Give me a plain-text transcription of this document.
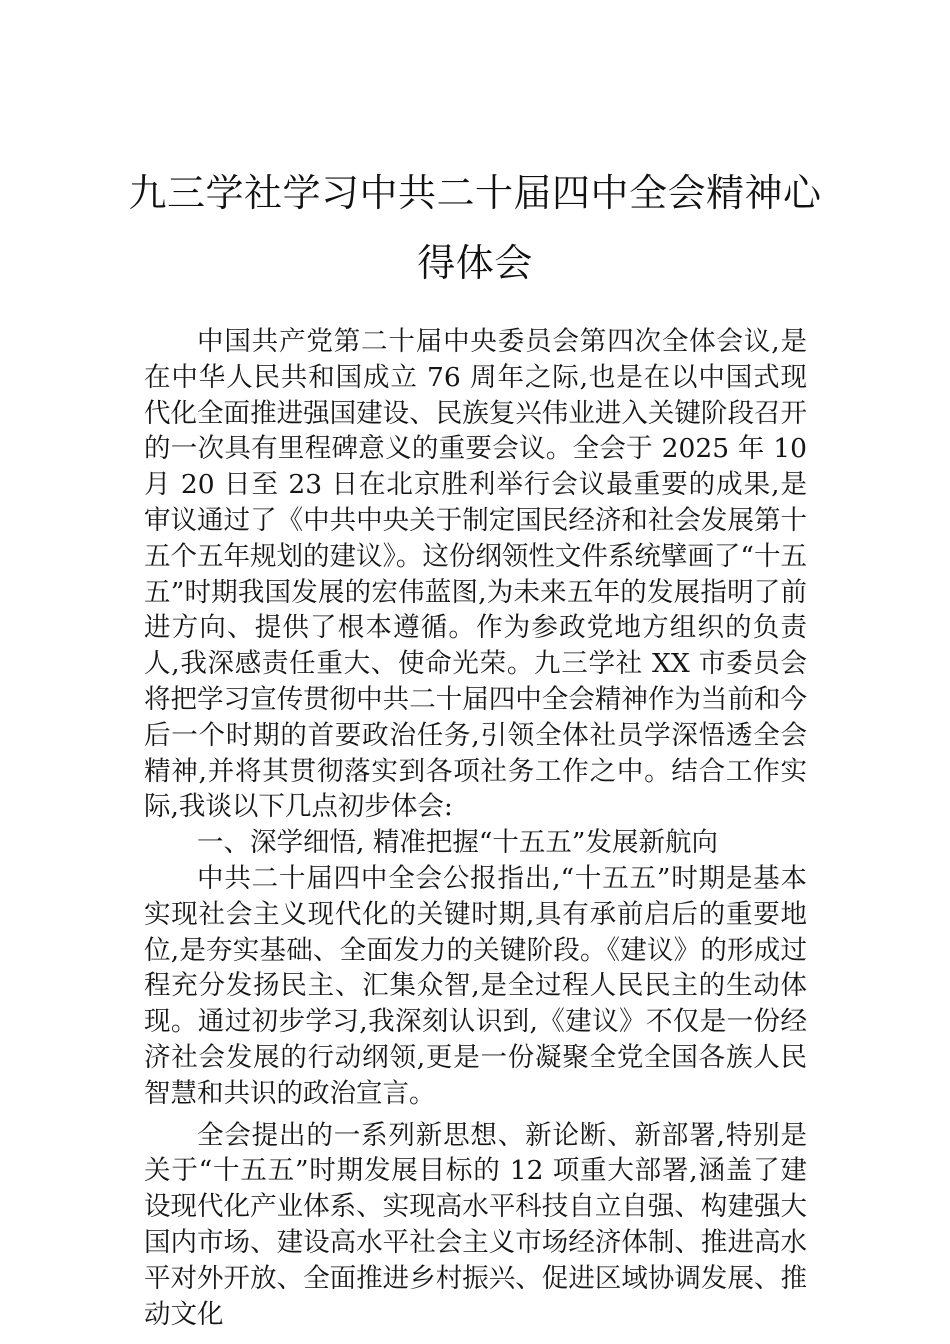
九三学社学习中共二十届四中全会精神心
得体会

中国共产党第二十届中央委员会第四次全体会议,是在中华人民共和国成立 76 周年之际,也是在以中国式现代化全面推进强国建设、民族复兴伟业进入关键阶段召开的一次具有里程碑意义的重要会议。全会于 2025 年 10 月 20 日至 23 日在北京胜利举行会议最重要的成果,是审议通过了《中共中央关于制定国民经济和社会发展第十五个五年规划的建议》。这份纲领性文件系统擘画了“十五五”时期我国发展的宏伟蓝图,为未来五年的发展指明了前进方向、提供了根本遵循。作为参政党地方组织的负责人,我深感责任重大、使命光荣。九三学社 XX 市委员会将把学习宣传贯彻中共二十届四中全会精神作为当前和今后一个时期的首要政治任务,引领全体社员学深悟透全会精神,并将其贯彻落实到各项社务工作之中。结合工作实际,我谈以下几点初步体会:

一、深学细悟, 精准把握“十五五”发展新航向

中共二十届四中全会公报指出,“十五五”时期是基本实现社会主义现代化的关键时期,具有承前启后的重要地位,是夯实基础、全面发力的关键阶段。《建议》的形成过程充分发扬民主、汇集众智,是全过程人民民主的生动体现。通过初步学习,我深刻认识到,《建议》不仅是一份经济社会发展的行动纲领,更是一份凝聚全党全国各族人民智慧和共识的政治宣言。

全会提出的一系列新思想、新论断、新部署,特别是关于“十五五”时期发展目标的 12 项重大部署,涵盖了建设现代化产业体系、实现高水平科技自立自强、构建强大国内市场、建设高水平社会主义市场经济体制、推进高水平对外开放、全面推进乡村振兴、促进区域协调发展、推动文化
